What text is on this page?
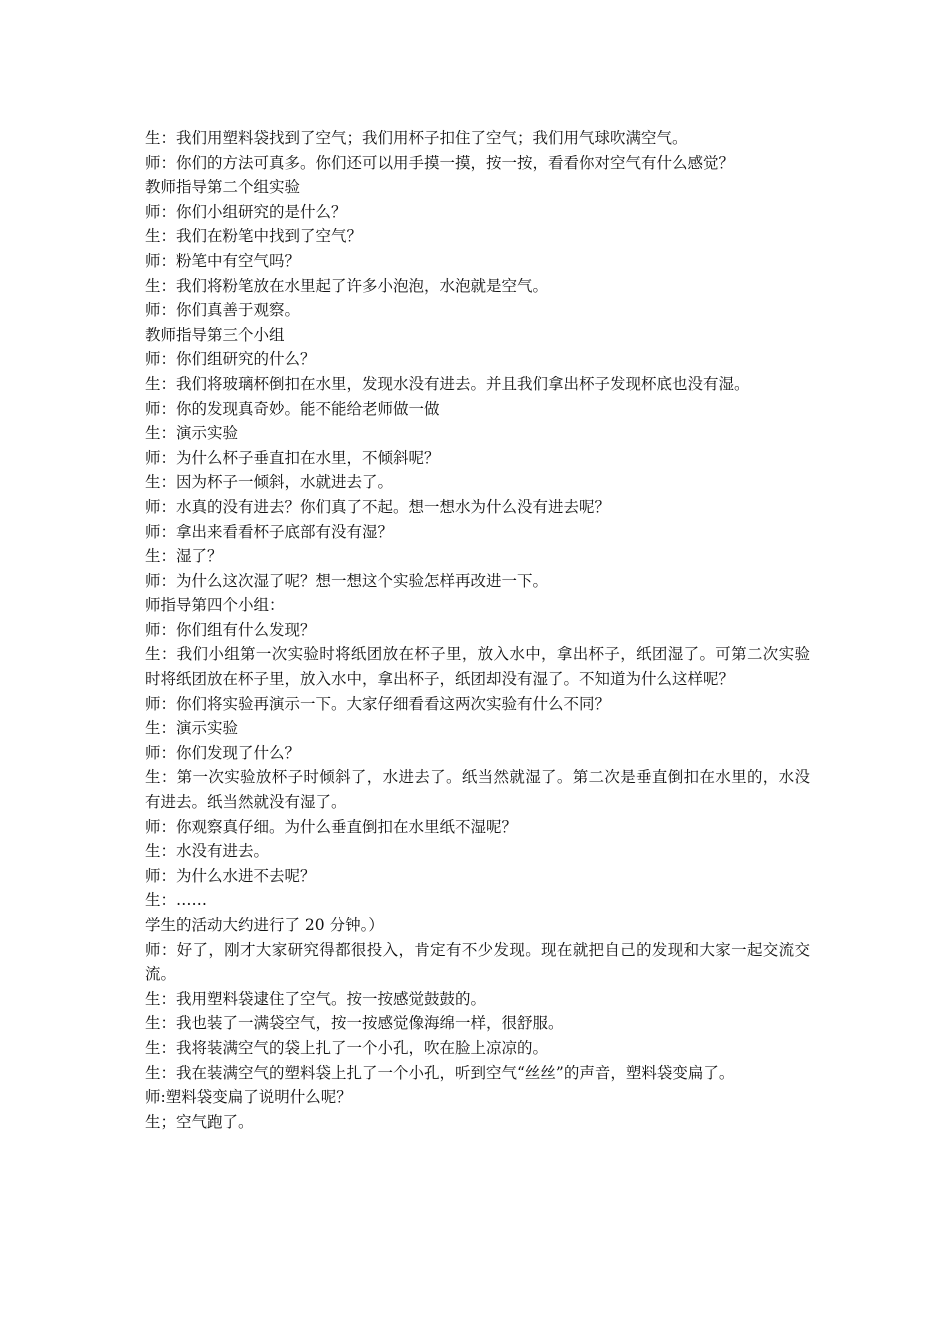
生：我们用塑料袋找到了空气；我们用杯子扣住了空气；我们用气球吹满空气。

师：你们的方法可真多。你们还可以用手摸一摸，按一按，看看你对空气有什么感觉？

教师指导第二个组实验

师：你们小组研究的是什么？

生：我们在粉笔中找到了空气？

师：粉笔中有空气吗？

生：我们将粉笔放在水里起了许多小泡泡，水泡就是空气。

师：你们真善于观察。

教师指导第三个小组

师：你们组研究的什么？

生：我们将玻璃杯倒扣在水里，发现水没有进去。并且我们拿出杯子发现杯底也没有湿。

师：你的发现真奇妙。能不能给老师做一做

生：演示实验

师：为什么杯子垂直扣在水里，不倾斜呢？

生：因为杯子一倾斜，水就进去了。

师：水真的没有进去？你们真了不起。想一想水为什么没有进去呢？

师：拿出来看看杯子底部有没有湿？

生：湿了？

师：为什么这次湿了呢？想一想这个实验怎样再改进一下。

师指导第四个小组：

师：你们组有什么发现？

生：我们小组第一次实验时将纸团放在杯子里，放入水中，拿出杯子，纸团湿了。可第二次实验时将纸团放在杯子里，放入水中，拿出杯子，纸团却没有湿了。不知道为什么这样呢？

师：你们将实验再演示一下。大家仔细看看这两次实验有什么不同？

生：演示实验

师：你们发现了什么？

生：第一次实验放杯子时倾斜了，水进去了。纸当然就湿了。第二次是垂直倒扣在水里的，水没有进去。纸当然就没有湿了。

师：你观察真仔细。为什么垂直倒扣在水里纸不湿呢？

生：水没有进去。

师：为什么水进不去呢？

生：……

学生的活动大约进行了 20 分钟。）

师：好了，刚才大家研究得都很投入，肯定有不少发现。现在就把自己的发现和大家一起交流交流。

生：我用塑料袋逮住了空气。按一按感觉鼓鼓的。

生：我也装了一满袋空气，按一按感觉像海绵一样，很舒服。

生：我将装满空气的袋上扎了一个小孔，吹在脸上凉凉的。

生：我在装满空气的塑料袋上扎了一个小孔，听到空气“丝丝”的声音，塑料袋变扁了。

师:塑料袋变扁了说明什么呢？

生；空气跑了。
